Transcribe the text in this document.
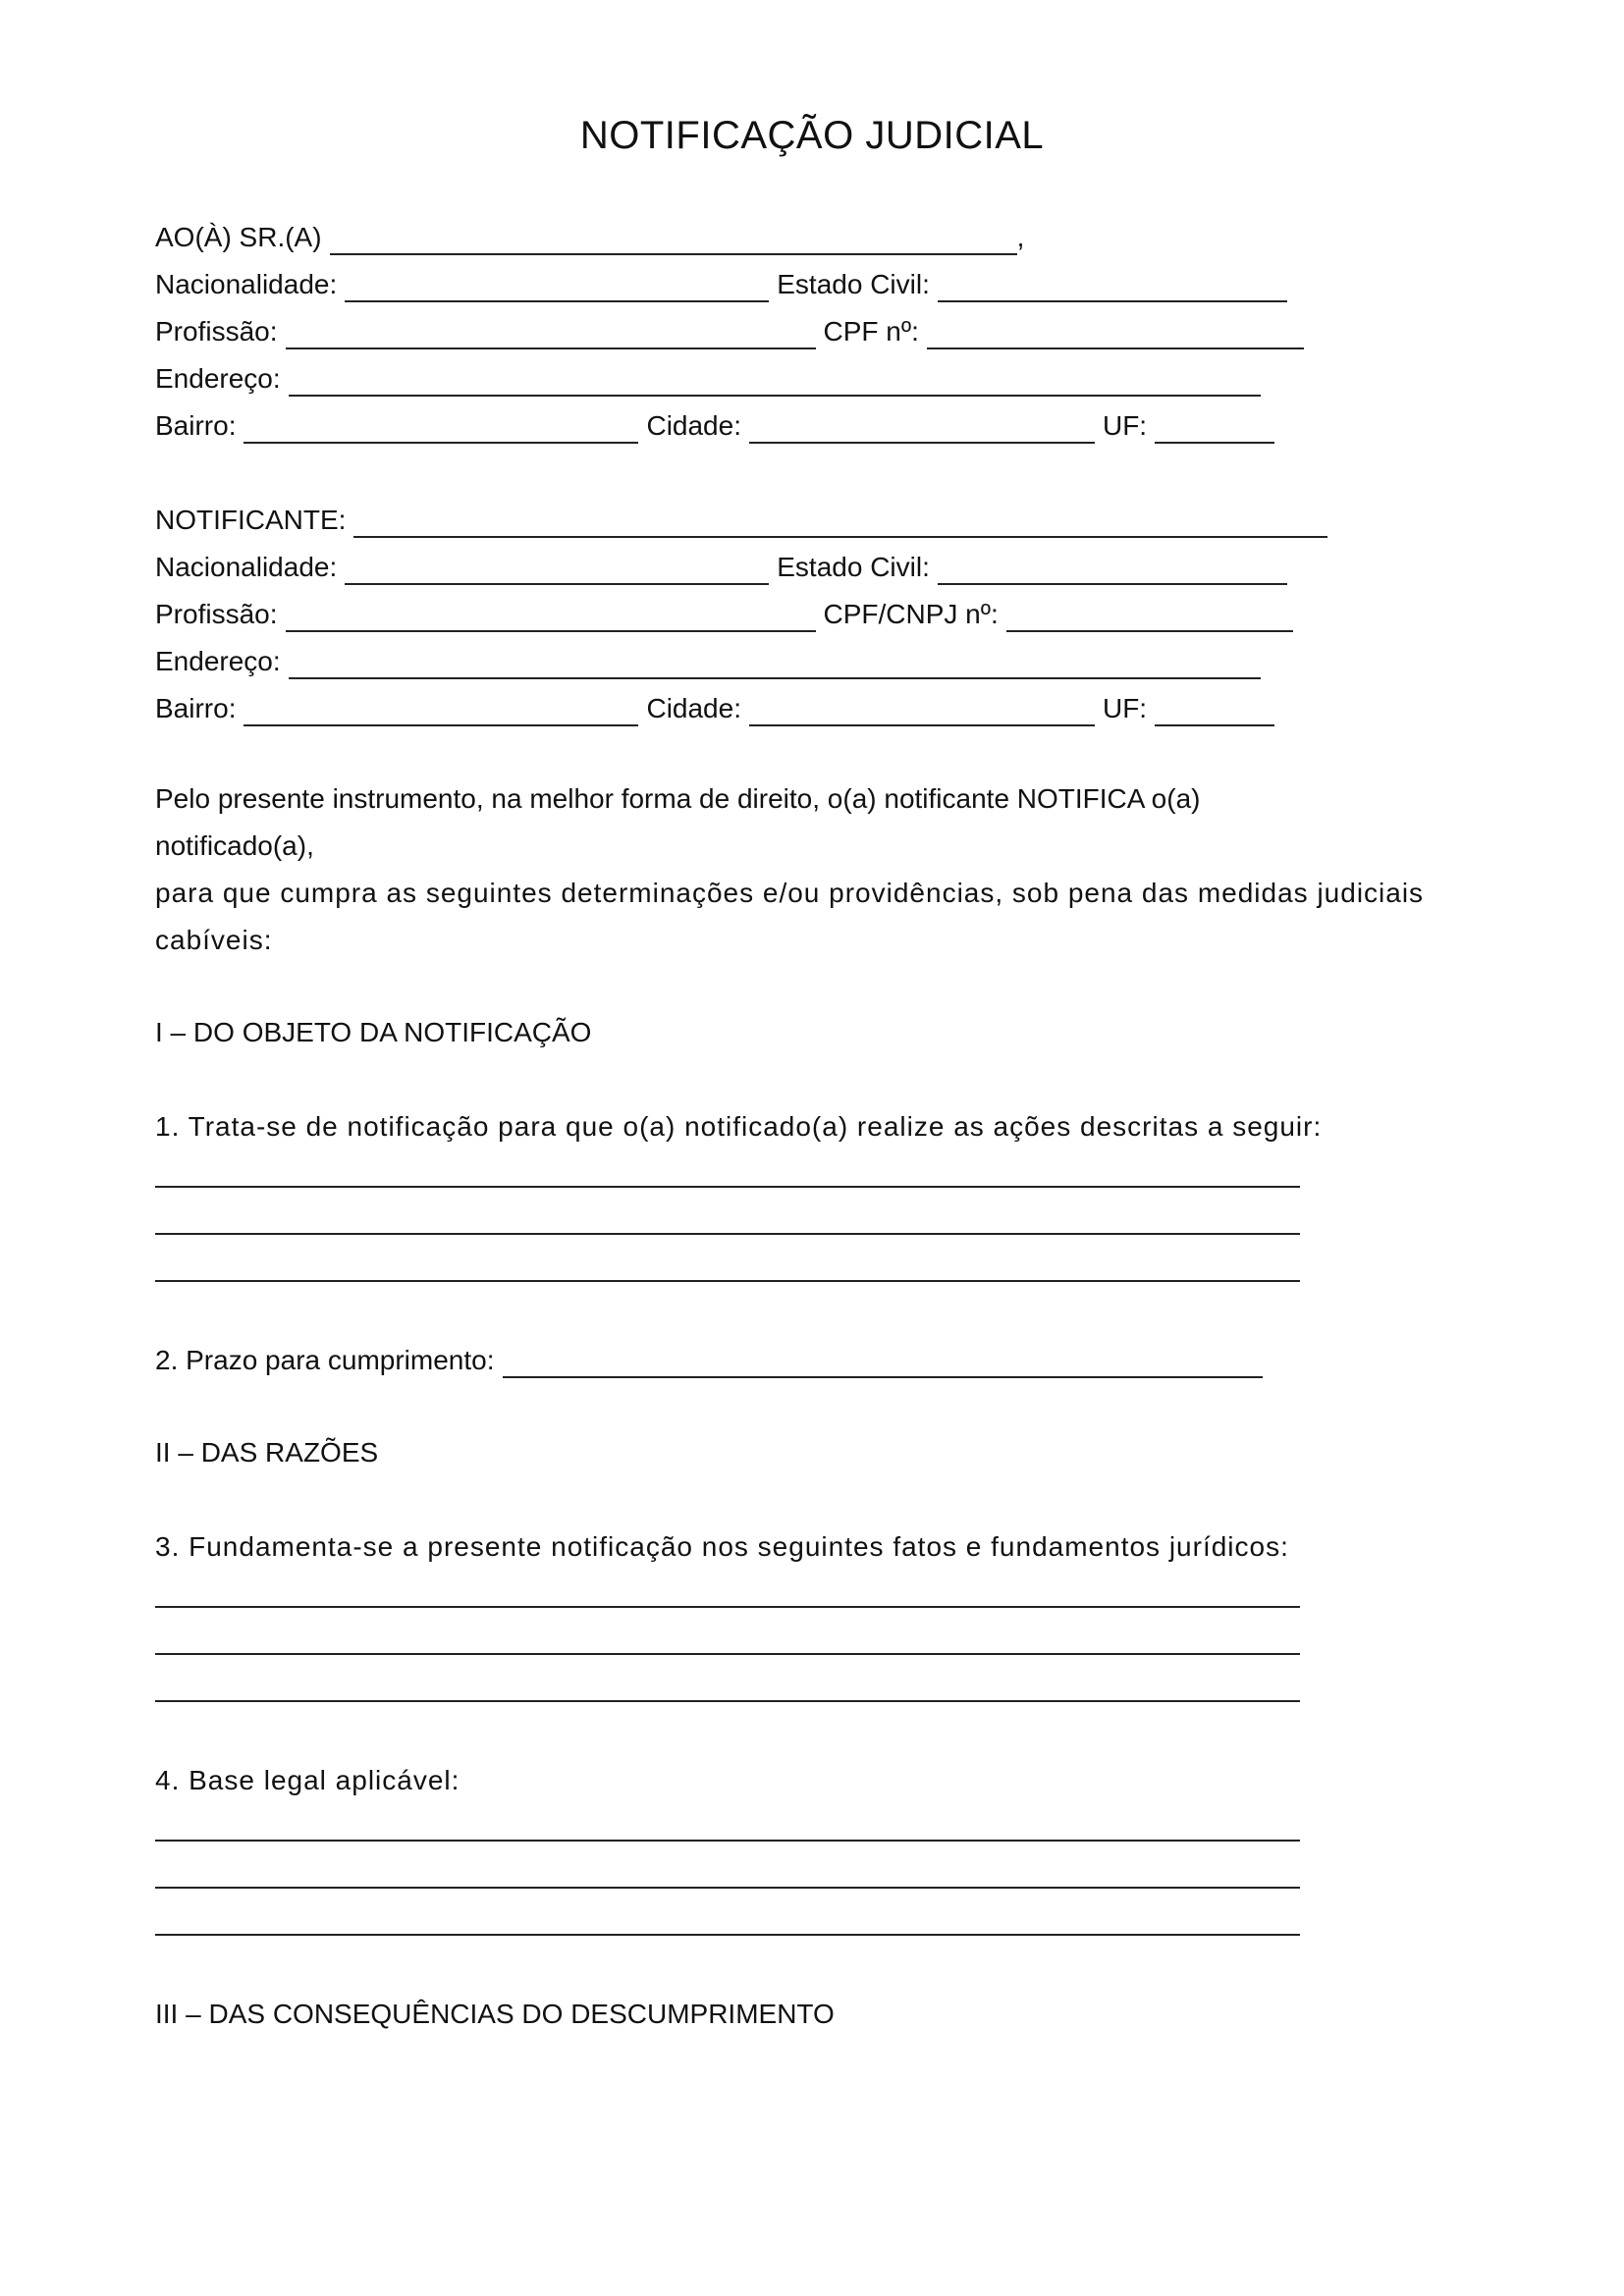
NOTIFICAÇÃO JUDICIAL
AO(À) SR.(A)	,
Nacionalidade:	Estado Civil:
Profissão:	CPF nº:
Endereço:
Bairro:	Cidade:	UF:
NOTIFICANTE:
Nacionalidade:	Estado Civil:
Profissão:	CPF/CNPJ nº:
Endereço:
Bairro:	Cidade:	UF:
Pelo presente instrumento, na melhor forma de direito, o(a) notificante NOTIFICA o(a)
notificado(a),
para que cumpra as seguintes determinações e/ou providências, sob pena das medidas judiciais
cabíveis:
I – DO OBJETO DA NOTIFICAÇÃO
1. Trata-se de notificação para que o(a) notificado(a) realize as ações descritas a seguir:
2. Prazo para cumprimento:
II – DAS RAZÕES
3. Fundamenta-se a presente notificação nos seguintes fatos e fundamentos jurídicos:
4. Base legal aplicável:
III – DAS CONSEQUÊNCIAS DO DESCUMPRIMENTO
